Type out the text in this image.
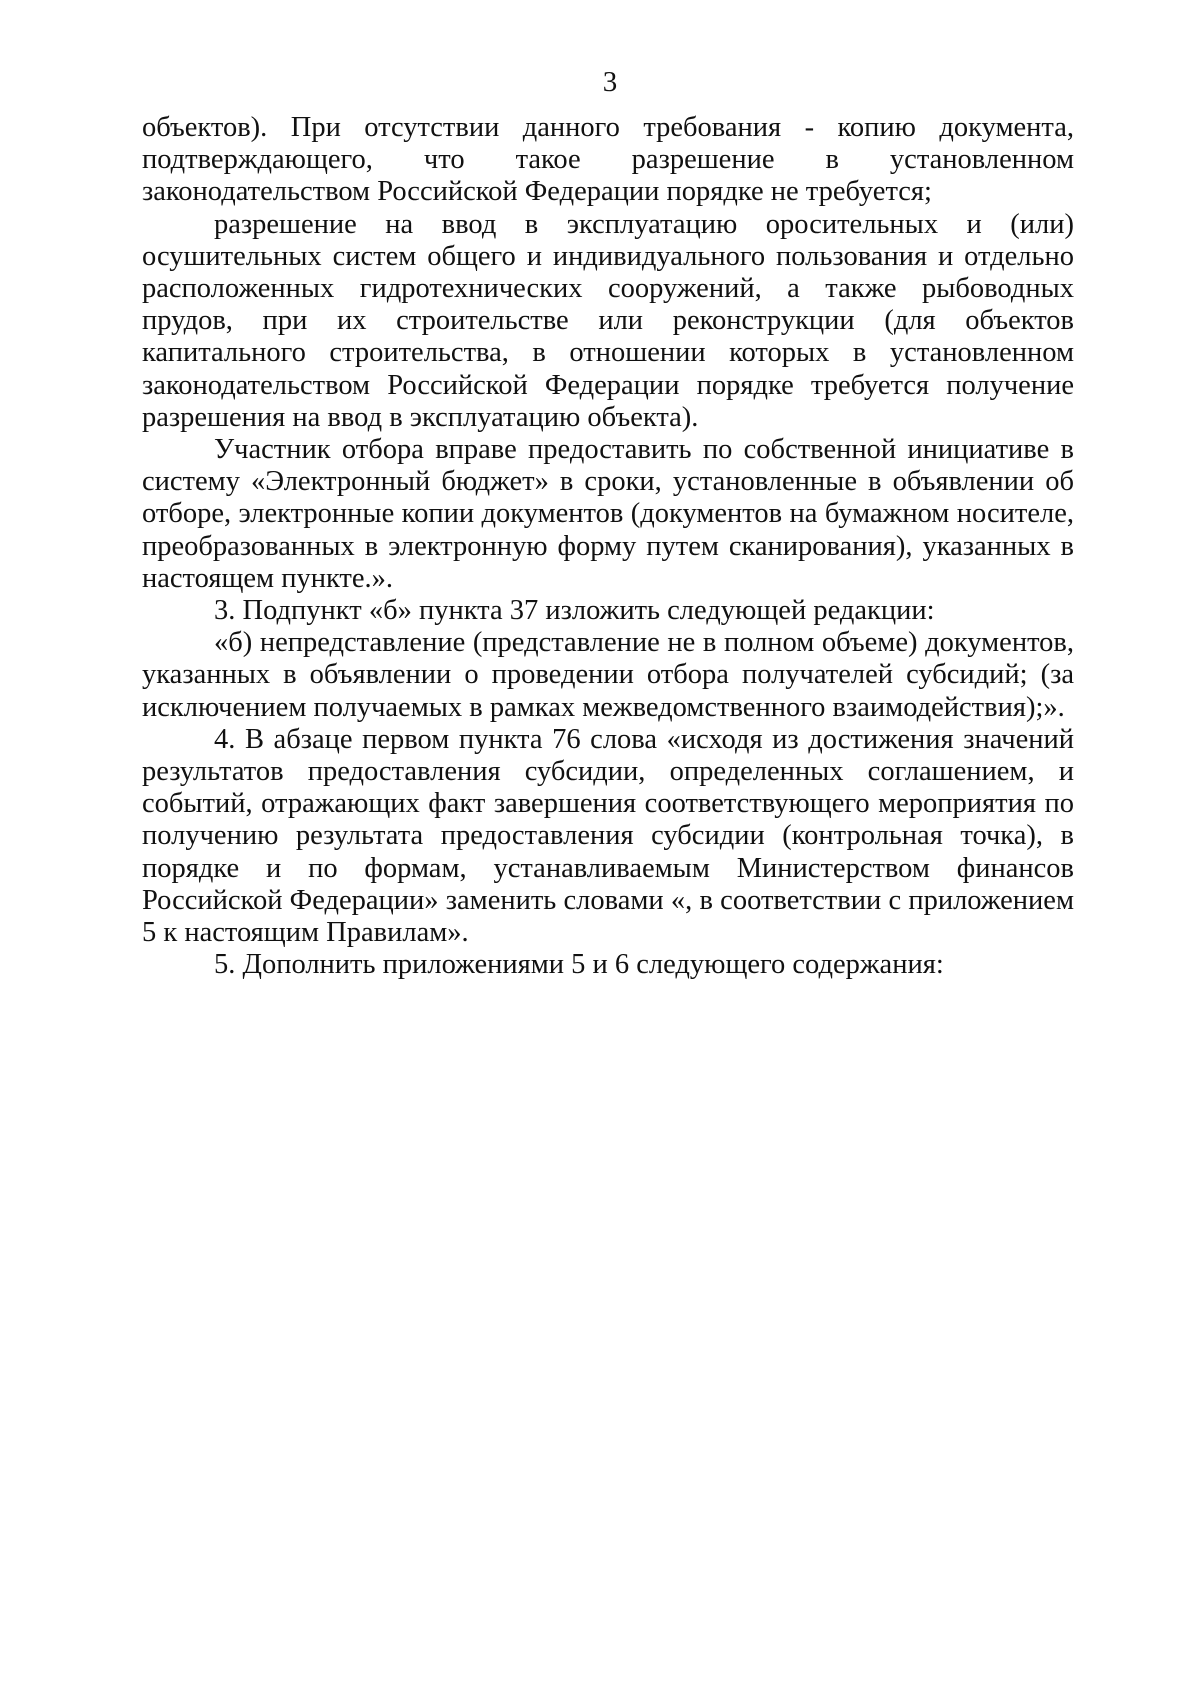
3

объектов). При отсутствии данного требования - копию документа, подтверждающего, что такое разрешение в установленном законодательством Российской Федерации порядке не требуется;

разрешение на ввод в эксплуатацию оросительных и (или) осушительных систем общего и индивидуального пользования и отдельно расположенных гидротехнических сооружений, а также рыбоводных прудов, при их строительстве или реконструкции (для объектов капитального строительства, в отношении которых в установленном законодательством Российской Федерации порядке требуется получение разрешения на ввод в эксплуатацию объекта).

Участник отбора вправе предоставить по собственной инициативе в систему «Электронный бюджет» в сроки, установленные в объявлении об отборе, электронные копии документов (документов на бумажном носителе, преобразованных в электронную форму путем сканирования), указанных в настоящем пункте.».

3. Подпункт «б» пункта 37 изложить следующей редакции:

«б) непредставление (представление не в полном объеме) документов, указанных в объявлении о проведении отбора получателей субсидий; (за исключением получаемых в рамках межведомственного взаимодействия);».

4. В абзаце первом пункта 76 слова «исходя из достижения значений результатов предоставления субсидии, определенных соглашением, и событий, отражающих факт завершения соответствующего мероприятия по получению результата предоставления субсидии (контрольная точка), в порядке и по формам, устанавливаемым Министерством финансов Российской Федерации» заменить словами «, в соответствии с приложением 5 к настоящим Правилам».

5. Дополнить приложениями 5 и 6 следующего содержания:
